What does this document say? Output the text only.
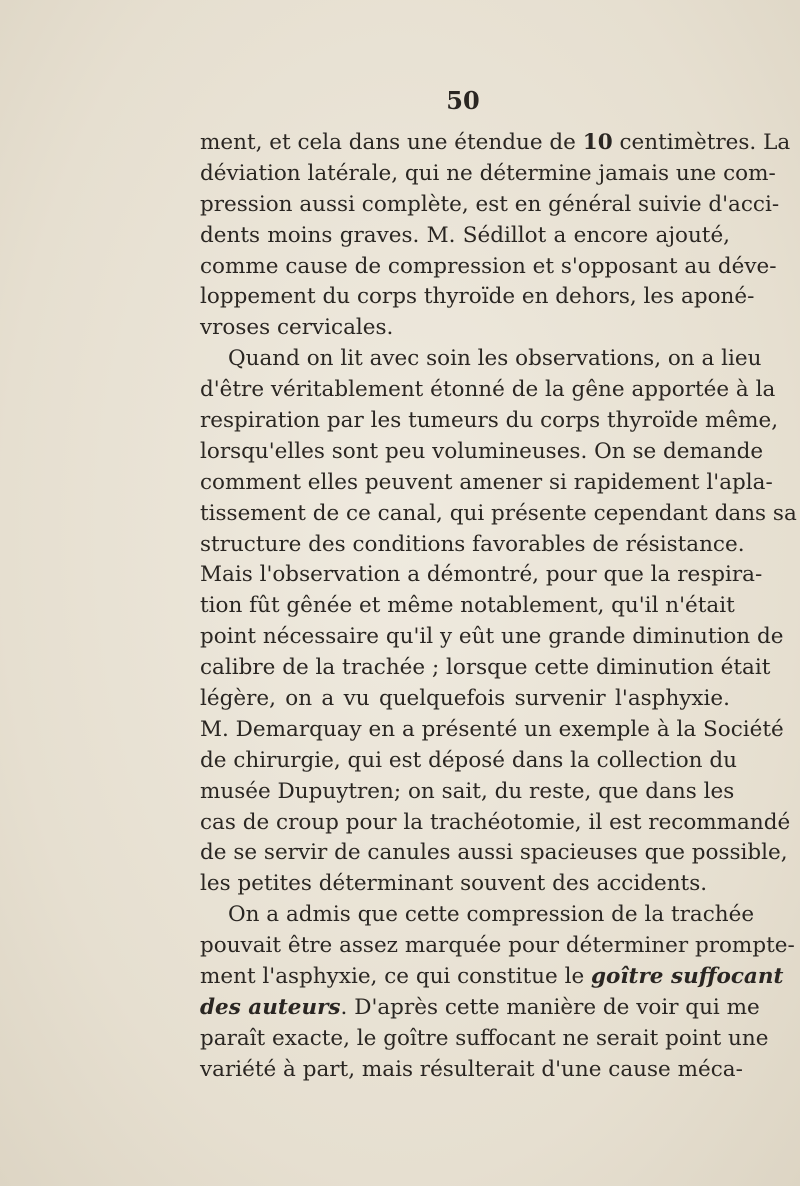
50
ment, et cela dans une étendue de 10 centimètres. La
déviation latérale, qui ne détermine jamais une com-
pression aussi complète, est en général suivie d'acci-
dents moins graves. M. Sédillot a encore ajouté,
comme cause de compression et s'opposant au déve-
loppement du corps thyroïde en dehors, les aponé-
vroses cervicales.
Quand on lit avec soin les observations, on a lieu
d'être véritablement étonné de la gêne apportée à la
respiration par les tumeurs du corps thyroïde même,
lorsqu'elles sont peu volumineuses. On se demande
comment elles peuvent amener si rapidement l'apla-
tissement de ce canal, qui présente cependant dans sa
structure des conditions favorables de résistance.
Mais l'observation a démontré, pour que la respira-
tion fût gênée et même notablement, qu'il n'était
point nécessaire qu'il y eût une grande diminution de
calibre de la trachée ; lorsque cette diminution était
légère, on a vu quelquefois survenir l'asphyxie.
M. Demarquay en a présenté un exemple à la Société
de chirurgie, qui est déposé dans la collection du
musée Dupuytren; on sait, du reste, que dans les
cas de croup pour la trachéotomie, il est recommandé
de se servir de canules aussi spacieuses que possible,
les petites déterminant souvent des accidents.
On a admis que cette compression de la trachée
pouvait être assez marquée pour déterminer prompte-
ment l'asphyxie, ce qui constitue le goître suffocant
des auteurs. D'après cette manière de voir qui me
paraît exacte, le goître suffocant ne serait point une
variété à part, mais résulterait d'une cause méca-
